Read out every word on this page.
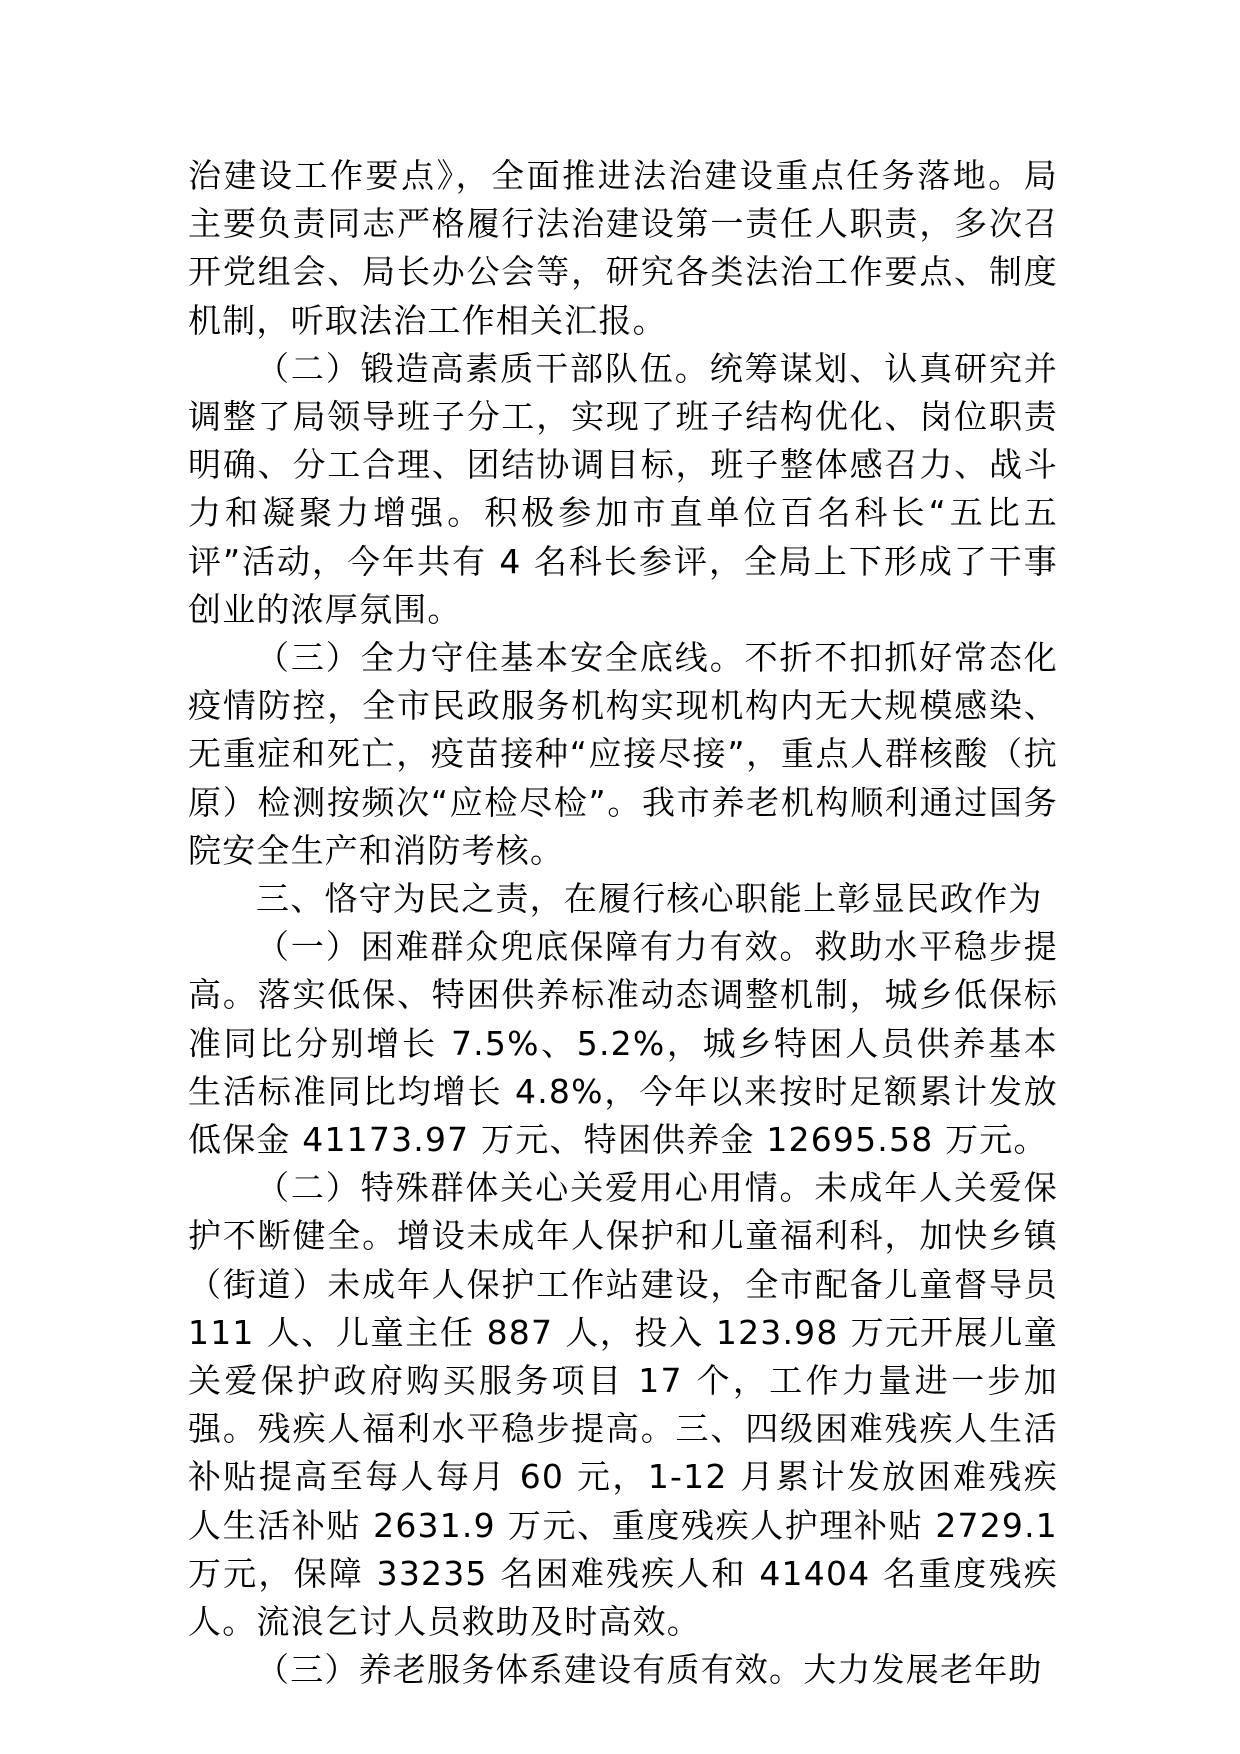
治建设工作要点》，全面推进法治建设重点任务落地。局主要负责同志严格履行法治建设第一责任人职责，多次召开党组会、局长办公会等，研究各类法治工作要点、制度机制，听取法治工作相关汇报。

（二）锻造高素质干部队伍。统筹谋划、认真研究并调整了局领导班子分工，实现了班子结构优化、岗位职责明确、分工合理、团结协调目标，班子整体感召力、战斗力和凝聚力增强。积极参加市直单位百名科长“五比五评”活动，今年共有 4 名科长参评，全局上下形成了干事创业的浓厚氛围。

（三）全力守住基本安全底线。不折不扣抓好常态化疫情防控，全市民政服务机构实现机构内无大规模感染、无重症和死亡，疫苗接种“应接尽接”，重点人群核酸（抗原）检测按频次“应检尽检”。我市养老机构顺利通过国务院安全生产和消防考核。

三、恪守为民之责，在履行核心职能上彰显民政作为

（一）困难群众兜底保障有力有效。救助水平稳步提高。落实低保、特困供养标准动态调整机制，城乡低保标准同比分别增长 7.5%、5.2%，城乡特困人员供养基本生活标准同比均增长 4.8%，今年以来按时足额累计发放低保金 41173.97 万元、特困供养金 12695.58 万元。

（二）特殊群体关心关爱用心用情。未成年人关爱保护不断健全。增设未成年人保护和儿童福利科，加快乡镇（街道）未成年人保护工作站建设，全市配备儿童督导员 111 人、儿童主任 887 人，投入 123.98 万元开展儿童关爱保护政府购买服务项目 17 个，工作力量进一步加强。残疾人福利水平稳步提高。三、四级困难残疾人生活补贴提高至每人每月 60 元，1-12 月累计发放困难残疾人生活补贴 2631.9 万元、重度残疾人护理补贴 2729.1 万元，保障 33235 名困难残疾人和 41404 名重度残疾人。流浪乞讨人员救助及时高效。

（三）养老服务体系建设有质有效。大力发展老年助
